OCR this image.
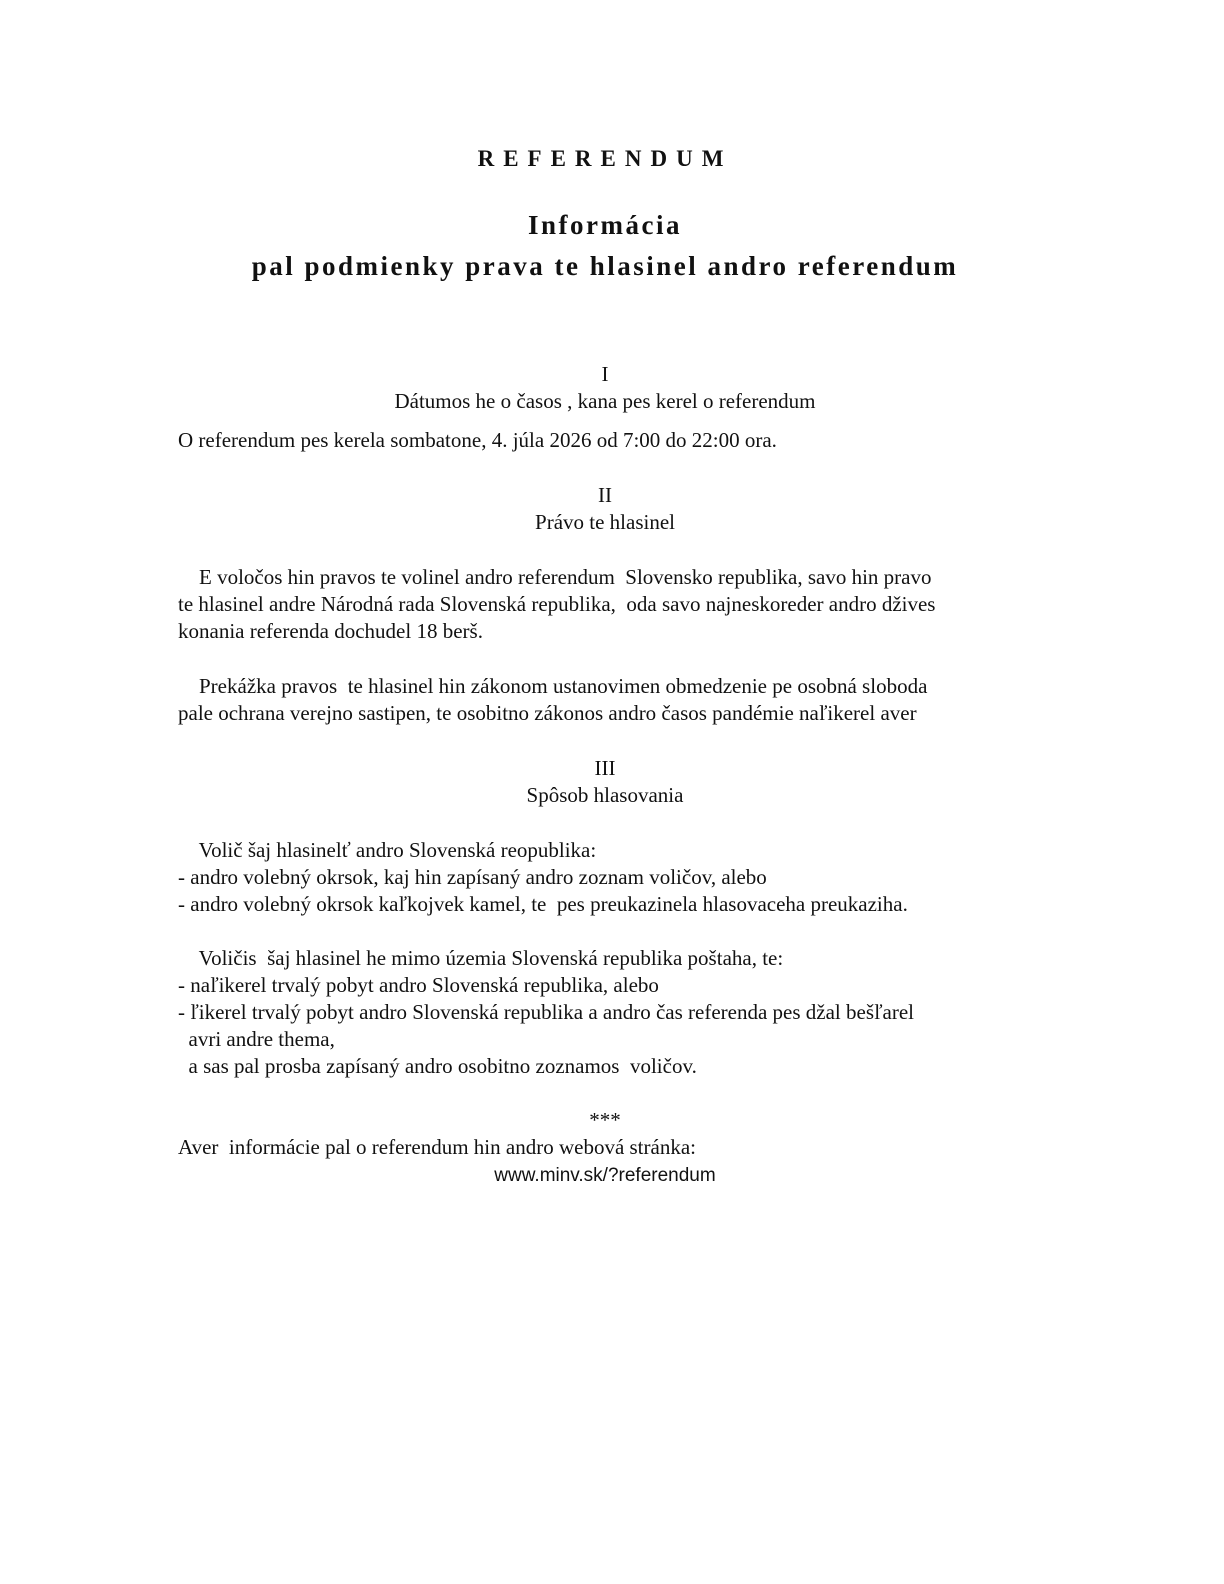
REFERENDUM
Informácia
pal podmienky prava te hlasinel andro referendum
I
Dátumos he o časos , kana pes kerel o referendum
O referendum pes kerela sombatone, 4. júla 2026 od 7:00 do 22:00 ora.
II
Právo te hlasinel
E voločos hin pravos te volinel andro referendum  Slovensko republika, savo hin pravo
te hlasinel andre Národná rada Slovenská republika,  oda savo najneskoreder andro džives
konania referenda dochudel 18 berš.
Prekážka pravos  te hlasinel hin zákonom ustanovimen obmedzenie pe osobná sloboda
pale ochrana verejno sastipen, te osobitno zákonos andro časos pandémie naľikerel aver
III
Spôsob hlasovania
Volič šaj hlasinelť andro Slovenská reopublika:
- andro volebný okrsok, kaj hin zapísaný andro zoznam voličov, alebo
- andro volebný okrsok kaľkojvek kamel, te  pes preukazinela hlasovaceha preukaziha.
Voličis  šaj hlasinel he mimo územia Slovenská republika poštaha, te:
- naľikerel trvalý pobyt andro Slovenská republika, alebo
- ľikerel trvalý pobyt andro Slovenská republika a andro čas referenda pes džal bešľarel
avri andre thema,
a sas pal prosba zapísaný andro osobitno zoznamos  voličov.
***
Aver  informácie pal o referendum hin andro webová stránka:
www.minv.sk/?referendum
